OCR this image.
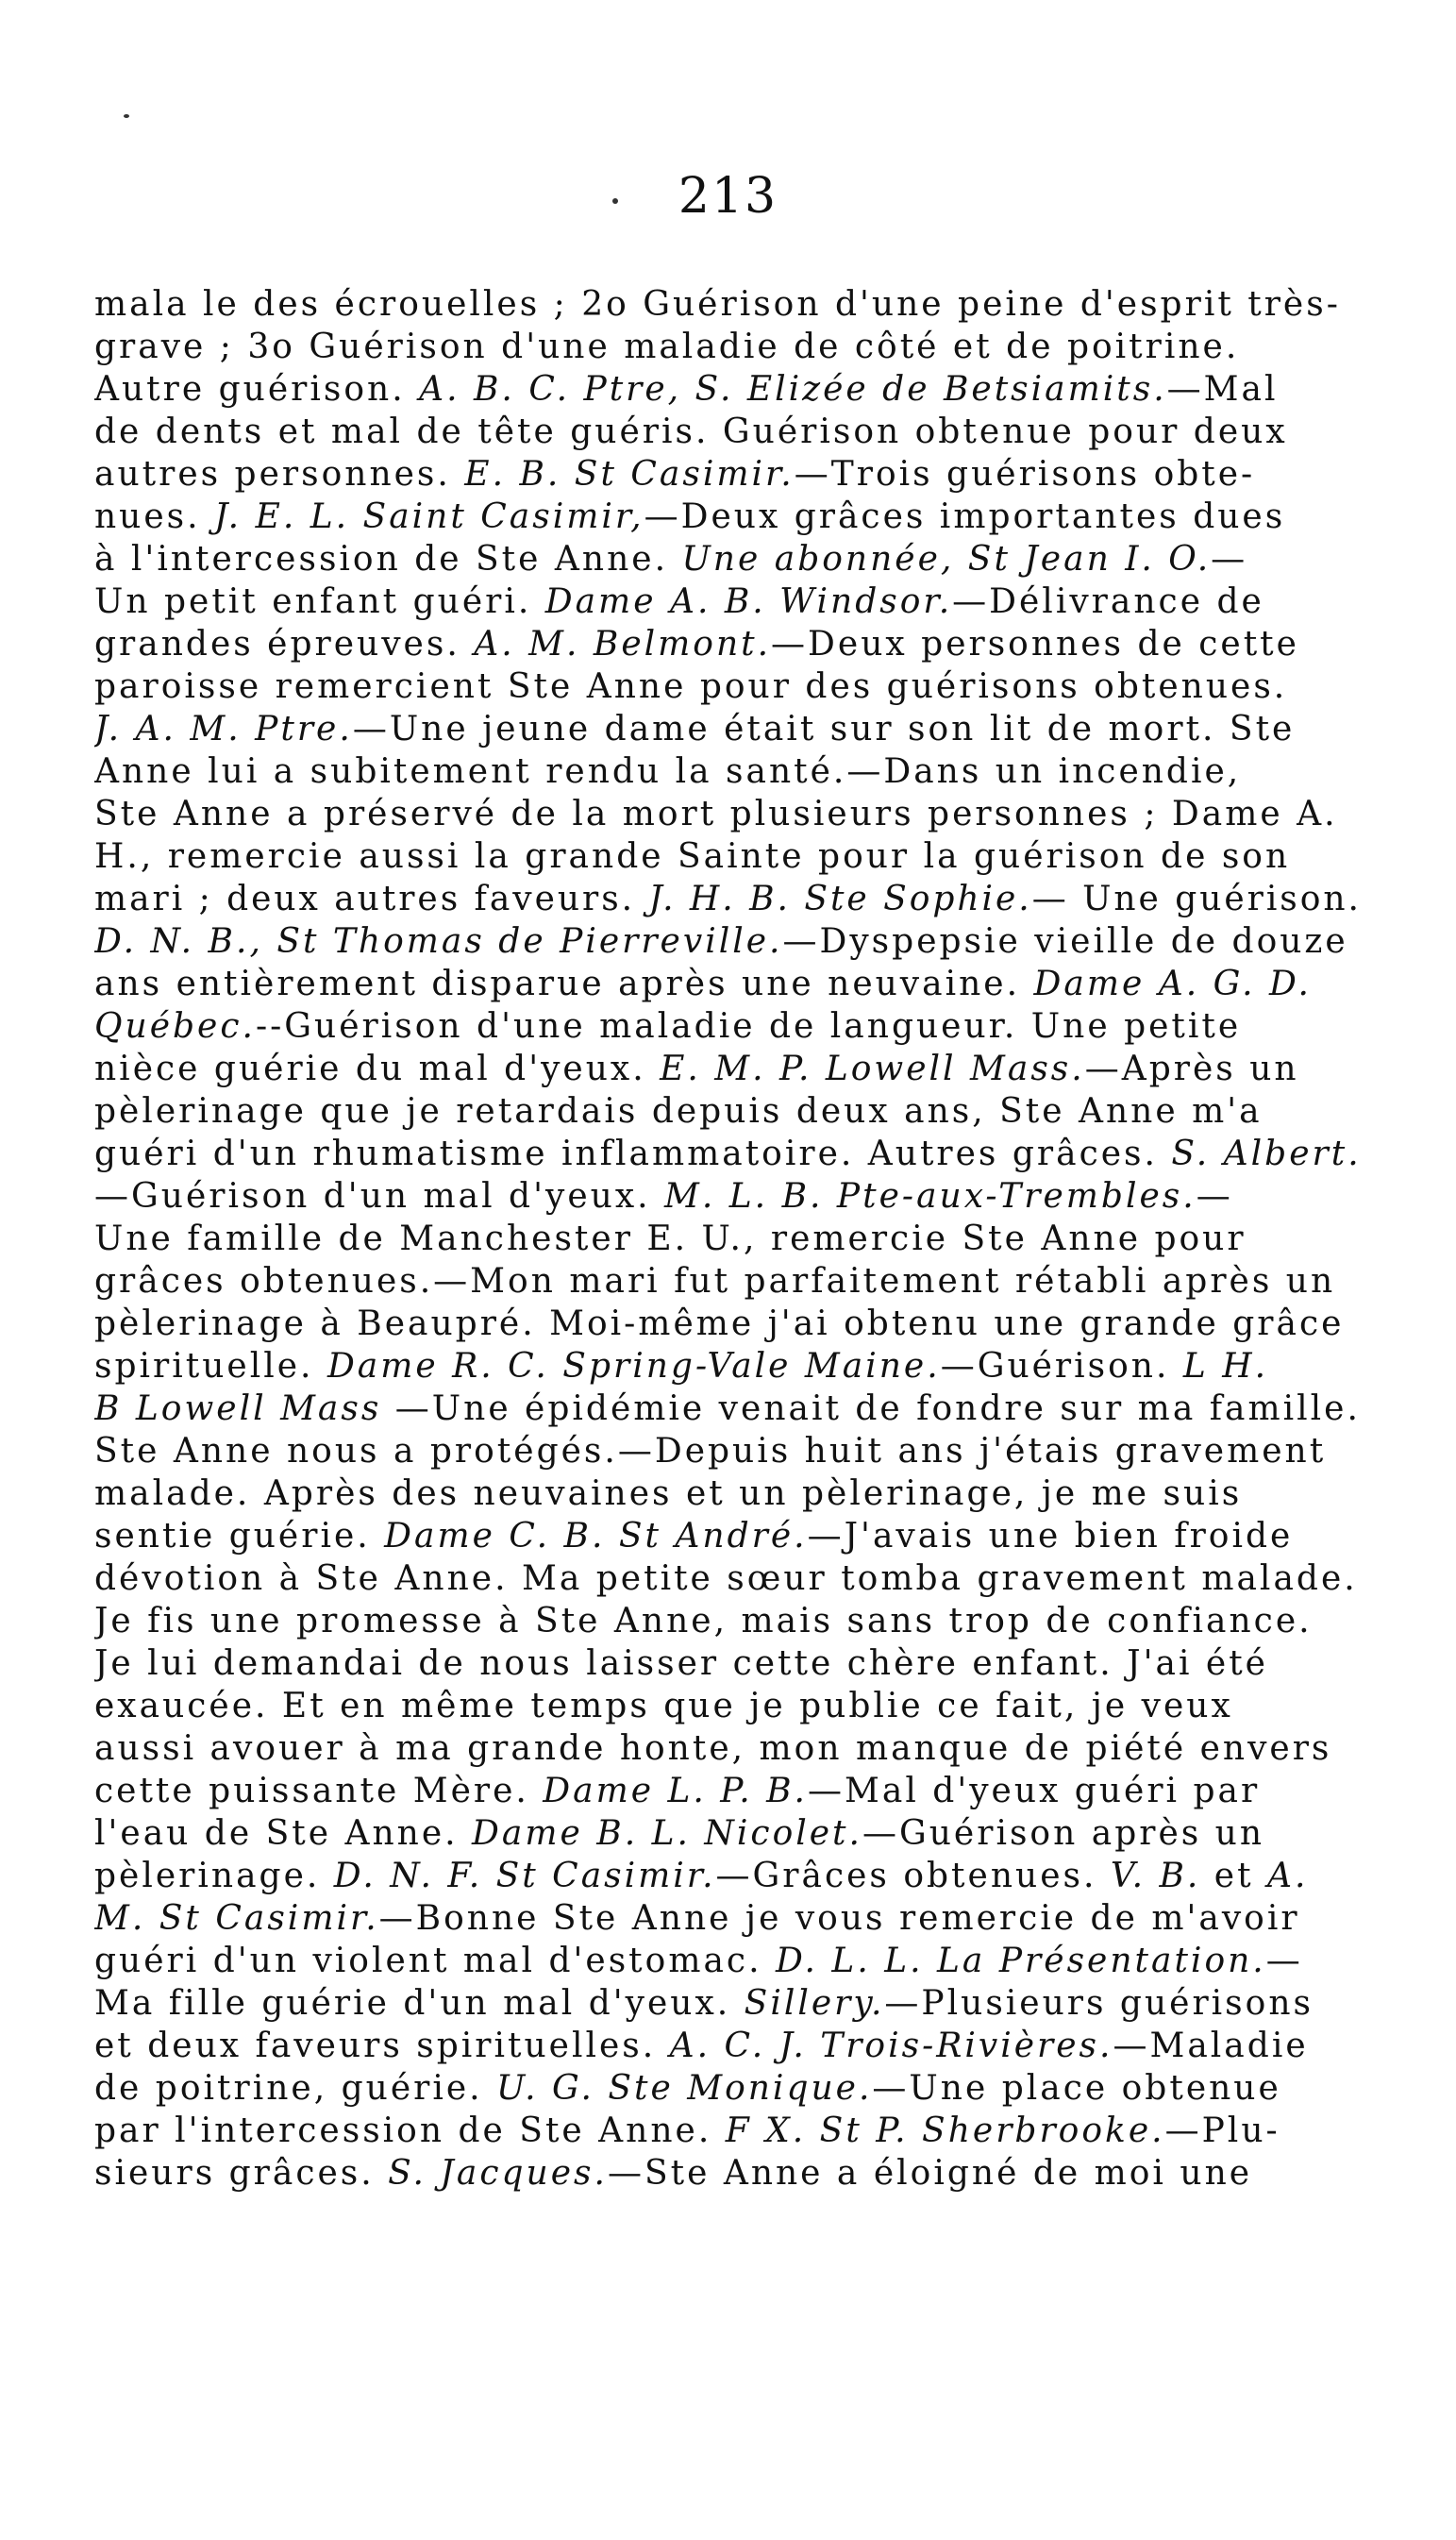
213
mala le des écrouelles ; 2o Guérison d'une peine d'esprit très-
grave ; 3o Guérison d'une maladie de côté et de poitrine.
Autre guérison. A. B. C. Ptre, S. Elizée de Betsiamits.—Mal
de dents et mal de tête guéris. Guérison obtenue pour deux
autres personnes. E. B. St Casimir.—Trois guérisons obte-
nues. J. E. L. Saint Casimir,—Deux grâces importantes dues
à l'intercession de Ste Anne. Une abonnée, St Jean I. O.—
Un petit enfant guéri. Dame A. B. Windsor.—Délivrance de
grandes épreuves. A. M. Belmont.—Deux personnes de cette
paroisse remercient Ste Anne pour des guérisons obtenues.
J. A. M. Ptre.—Une jeune dame était sur son lit de mort. Ste
Anne lui a subitement rendu la santé.—Dans un incendie,
Ste Anne a préservé de la mort plusieurs personnes ; Dame A.
H., remercie aussi la grande Sainte pour la guérison de son
mari ; deux autres faveurs. J. H. B. Ste Sophie.— Une guérison.
D. N. B., St Thomas de Pierreville.—Dyspepsie vieille de douze
ans entièrement disparue après une neuvaine. Dame A. G. D.
Québec.--Guérison d'une maladie de langueur. Une petite
nièce guérie du mal d'yeux. E. M. P. Lowell Mass.—Après un
pèlerinage que je retardais depuis deux ans, Ste Anne m'a
guéri d'un rhumatisme inflammatoire. Autres grâces. S. Albert.
—Guérison d'un mal d'yeux. M. L. B. Pte-aux-Trembles.—
Une famille de Manchester E. U., remercie Ste Anne pour
grâces obtenues.—Mon mari fut parfaitement rétabli après un
pèlerinage à Beaupré. Moi-même j'ai obtenu une grande grâce
spirituelle. Dame R. C. Spring-Vale Maine.—Guérison. L H.
B Lowell Mass —Une épidémie venait de fondre sur ma famille.
Ste Anne nous a protégés.—Depuis huit ans j'étais gravement
malade. Après des neuvaines et un pèlerinage, je me suis
sentie guérie. Dame C. B. St André.—J'avais une bien froide
dévotion à Ste Anne. Ma petite sœur tomba gravement malade.
Je fis une promesse à Ste Anne, mais sans trop de confiance.
Je lui demandai de nous laisser cette chère enfant. J'ai été
exaucée. Et en même temps que je publie ce fait, je veux
aussi avouer à ma grande honte, mon manque de piété envers
cette puissante Mère. Dame L. P. B.—Mal d'yeux guéri par
l'eau de Ste Anne. Dame B. L. Nicolet.—Guérison après un
pèlerinage. D. N. F. St Casimir.—Grâces obtenues. V. B. et A.
M. St Casimir.—Bonne Ste Anne je vous remercie de m'avoir
guéri d'un violent mal d'estomac. D. L. L. La Présentation.—
Ma fille guérie d'un mal d'yeux. Sillery.—Plusieurs guérisons
et deux faveurs spirituelles. A. C. J. Trois-Rivières.—Maladie
de poitrine, guérie. U. G. Ste Monique.—Une place obtenue
par l'intercession de Ste Anne. F X. St P. Sherbrooke.—Plu-
sieurs grâces. S. Jacques.—Ste Anne a éloigné de moi une
